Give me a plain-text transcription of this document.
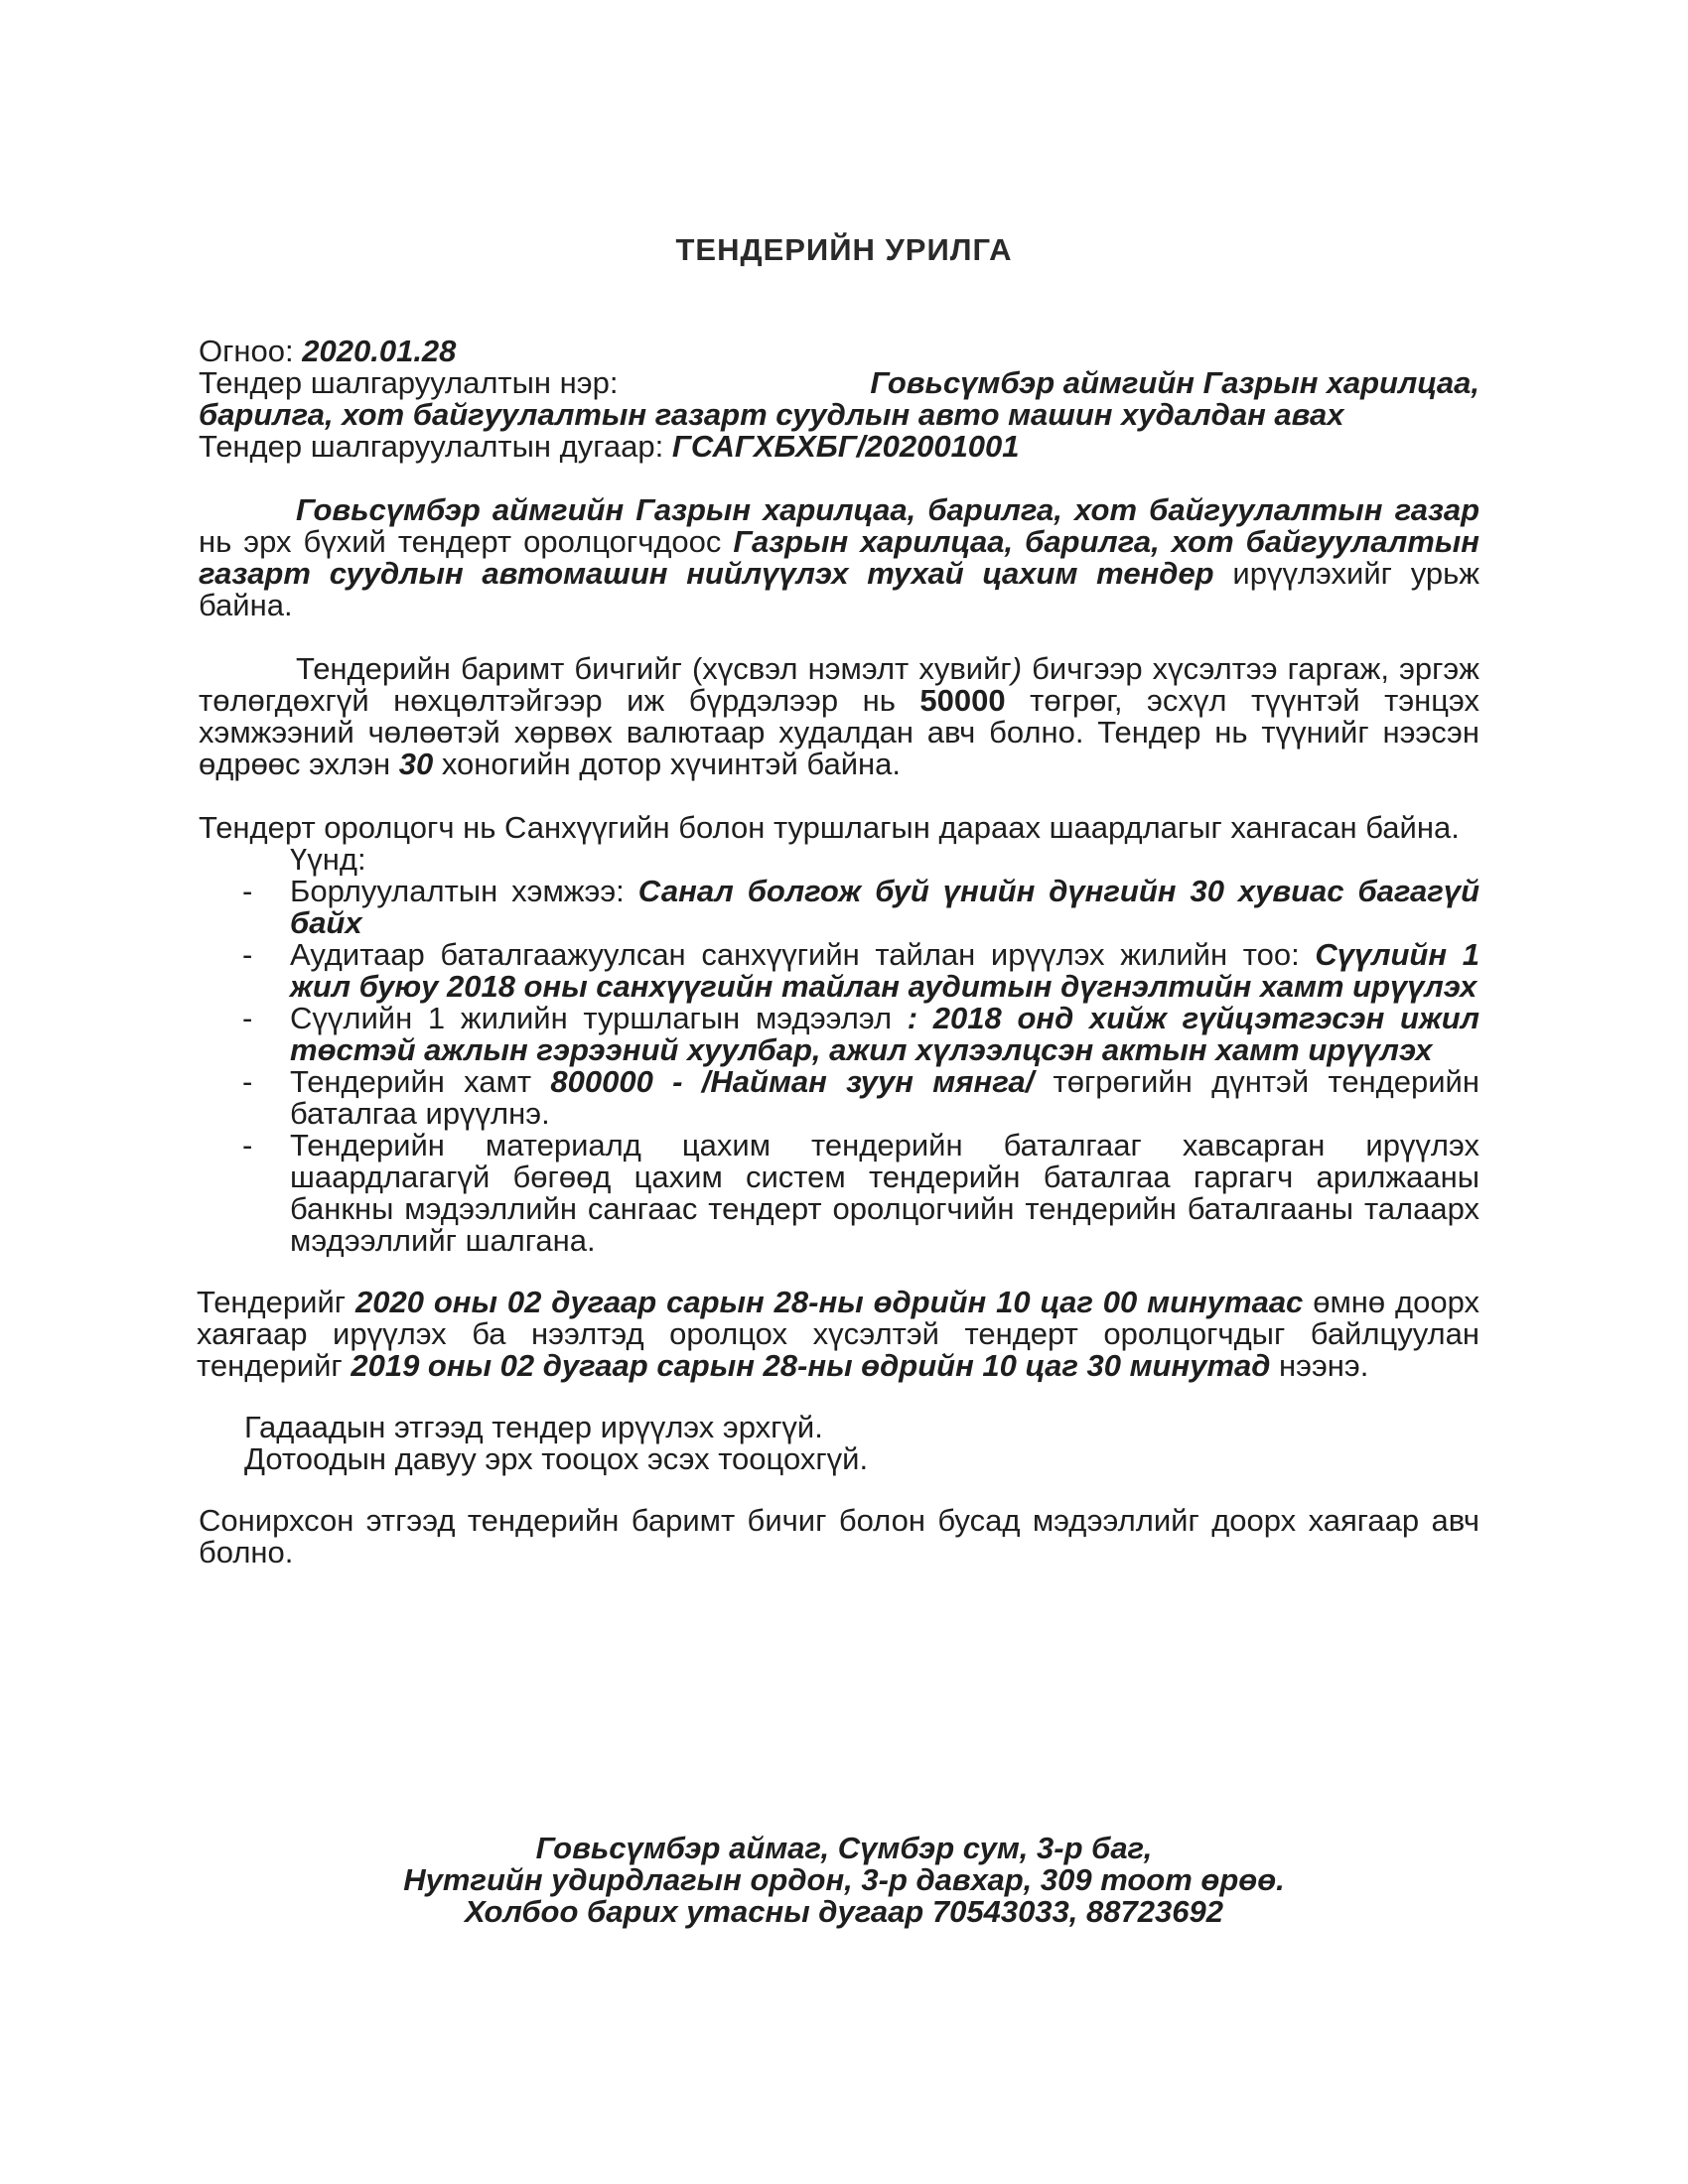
ТЕНДЕРИЙН УРИЛГА
Огноо: 2020.01.28
Тендер шалгаруулалтын нэр:	Говьсүмбэр аймгийн Газрын харилцаа,
барилга, хот байгуулалтын газарт суудлын авто машин худалдан авах
Тендер шалгаруулалтын дугаар: ГСАГХБХБГ/202001001

Говьсүмбэр аймгийн Газрын харилцаа, барилга, хот байгуулалтын газар нь эрх бүхий тендерт оролцогчдоос Газрын харилцаа, барилга, хот байгуулалтын газарт суудлын автомашин нийлүүлэх тухай цахим тендер ирүүлэхийг урьж байна.

Тендерийн баримт бичгийг (хүсвэл нэмэлт хувийг) бичгээр хүсэлтээ гаргаж, эргэж төлөгдөхгүй нөхцөлтэйгээр иж бүрдэлээр нь 50000 төгрөг, эсхүл түүнтэй тэнцэх хэмжээний чөлөөтэй хөрвөх валютаар худалдан авч болно. Тендер нь түүнийг нээсэн өдрөөс эхлэн 30 хоногийн дотор хүчинтэй байна.

Тендерт оролцогч нь Санхүүгийн болон туршлагын дараах шаардлагыг хангасан байна.

Үүнд:
- Борлуулалтын хэмжээ: Санал болгож буй үнийн дүнгийн 30 хувиас багагүй байх
- Аудитаар баталгаажуулсан санхүүгийн тайлан ирүүлэх жилийн тоо: Сүүлийн 1 жил буюу 2018 оны санхүүгийн тайлан аудитын дүгнэлтийн хамт ирүүлэх
- Сүүлийн 1 жилийн туршлагын мэдээлэл : 2018 онд хийж гүйцэтгэсэн ижил төстэй ажлын гэрээний хуулбар, ажил хүлээлцсэн актын хамт ирүүлэх
- Тендерийн хамт 800000 - /Найман зуун мянга/ төгрөгийн дүнтэй тендерийн баталгаа ирүүлнэ.
- Тендерийн материалд цахим тендерийн баталгааг хавсарган ирүүлэх шаардлагагүй бөгөөд цахим систем тендерийн баталгаа гаргагч арилжааны банкны мэдээллийн сангаас тендерт оролцогчийн тендерийн баталгааны талаарх мэдээллийг шалгана.

Тендерийг 2020 оны 02 дугаар сарын 28-ны өдрийн 10 цаг 00 минутаас өмнө доорх хаягаар ирүүлэх ба нээлтэд оролцох хүсэлтэй тендерт оролцогчдыг байлцуулан тендерийг 2019 оны 02 дугаар сарын 28-ны өдрийн 10 цаг 30 минутад нээнэ.

Гадаадын этгээд тендер ирүүлэх эрхгүй.
Дотоодын давуу эрх тооцох эсэх тооцохгүй.

Сонирхсон этгээд тендерийн баримт бичиг болон бусад мэдээллийг доорх хаягаар авч болно.

Говьсүмбэр аймаг, Сүмбэр сум, 3-р баг,
Нутгийн удирдлагын ордон, 3-р давхар, 309 тоот өрөө.
Холбоо барих утасны дугаар 70543033, 88723692
